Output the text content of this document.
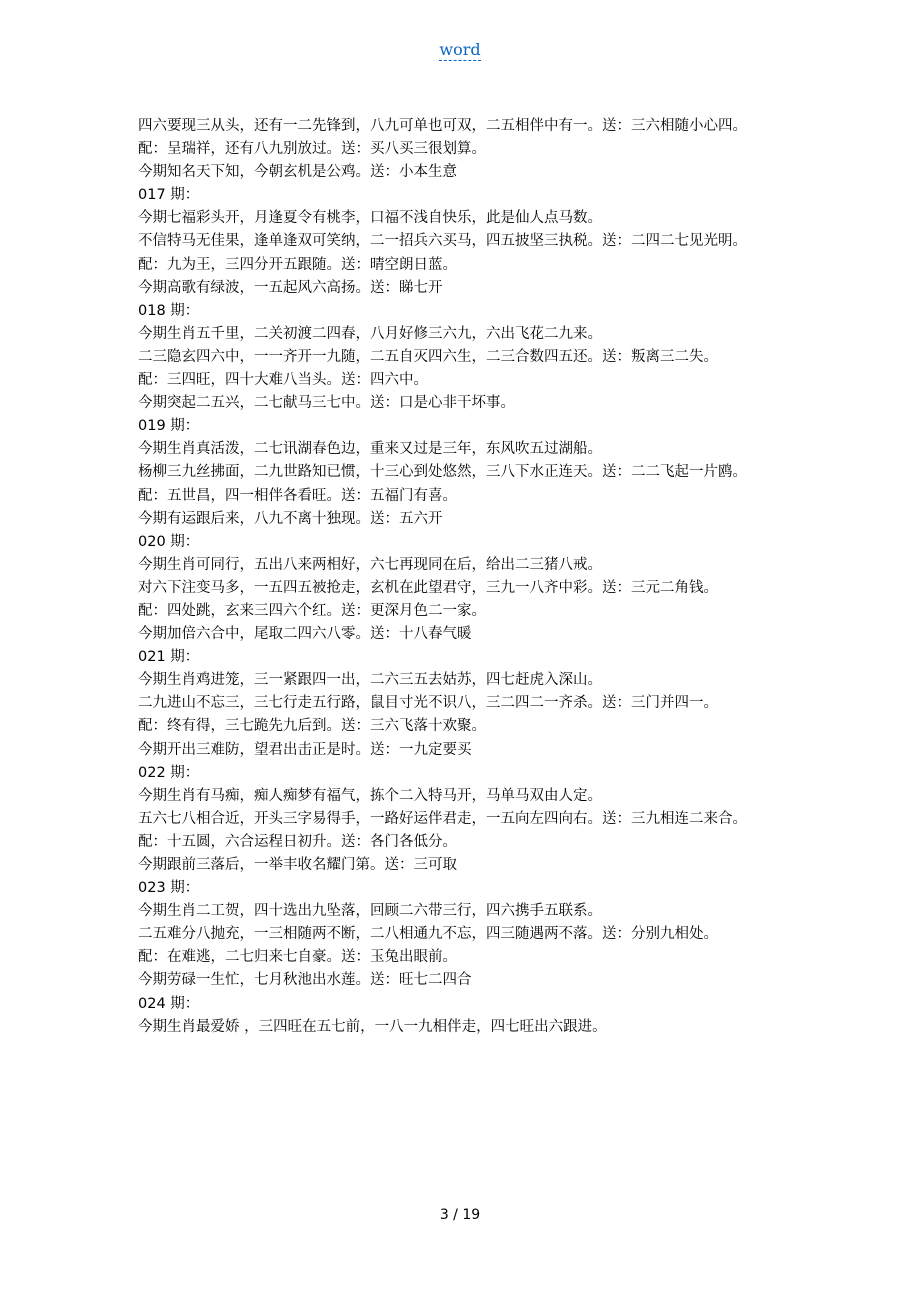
word

四六要现三从头，还有一二先锋到，八九可单也可双，二五相伴中有一。送：三六相随小心四。

配：呈瑞祥，还有八九别放过。送：买八买三很划算。

今期知名天下知，今朝玄机是公鸡。送：小本生意

017 期：

今期七福彩头开，月逢夏令有桃李，口福不浅自快乐，此是仙人点马数。

不信特马无佳果，逢单逢双可笑纳，二一招兵六买马，四五披坚三执税。送：二四二七见光明。

配：九为王，三四分开五跟随。送：晴空朗日蓝。

今期高歌有绿波，一五起风六高扬。送：睇七开

018 期：

今期生肖五千里，二关初渡二四春，八月好修三六九，六出飞花二九来。

二三隐玄四六中，一一齐开一九随，二五自灭四六生，二三合数四五还。送：叛离三二失。

配：三四旺，四十大难八当头。送：四六中。

今期突起二五兴，二七献马三七中。送：口是心非干坏事。

019 期：

今期生肖真活泼，二七讯湖春色边，重来又过是三年，东风吹五过湖船。

杨柳三九丝拂面，二九世路知已惯，十三心到处悠然，三八下水正连天。送：二二飞起一片鸥。

配：五世昌，四一相伴各看旺。送：五福门有喜。

今期有运跟后来，八九不离十独现。送：五六开

020 期：

今期生肖可同行，五出八来两相好，六七再现同在后，给出二三猪八戒。

对六下注变马多，一五四五被抢走，玄机在此望君守，三九一八齐中彩。送：三元二角钱。

配：四处跳，玄来三四六个红。送：更深月色二一家。

今期加倍六合中，尾取二四六八零。送：十八春气暖

021 期：

今期生肖鸡进笼，三一紧跟四一出，二六三五去姑苏，四七赶虎入深山。

二九进山不忘三，三七行走五行路，鼠目寸光不识八，三二四二一齐杀。送：三门并四一。

配：终有得，三七跪先九后到。送：三六飞落十欢聚。

今期开出三难防，望君出击正是时。送：一九定要买

022 期：

今期生肖有马痴，痴人痴梦有福气，拣个二入特马开，马单马双由人定。

五六七八相合近，开头三字易得手，一路好运伴君走，一五向左四向右。送：三九相连二来合。

配：十五圆，六合运程日初升。送：各门各低分。

今期跟前三落后，一举丰收名耀门第。送：三可取

023 期：

今期生肖二工贺，四十选出九坠落，回顾二六带三行，四六携手五联系。

二五难分八抛充，一三相随两不断，二八相通九不忘，四三随遇两不落。送：分别九相处。

配：在难逃，二七归来七自豪。送：玉兔出眼前。

今期劳碌一生忙，七月秋池出水莲。送：旺七二四合

024 期：

今期生肖最爱娇 ，三四旺在五七前，一八一九相伴走，四七旺出六跟进。

3 / 19
